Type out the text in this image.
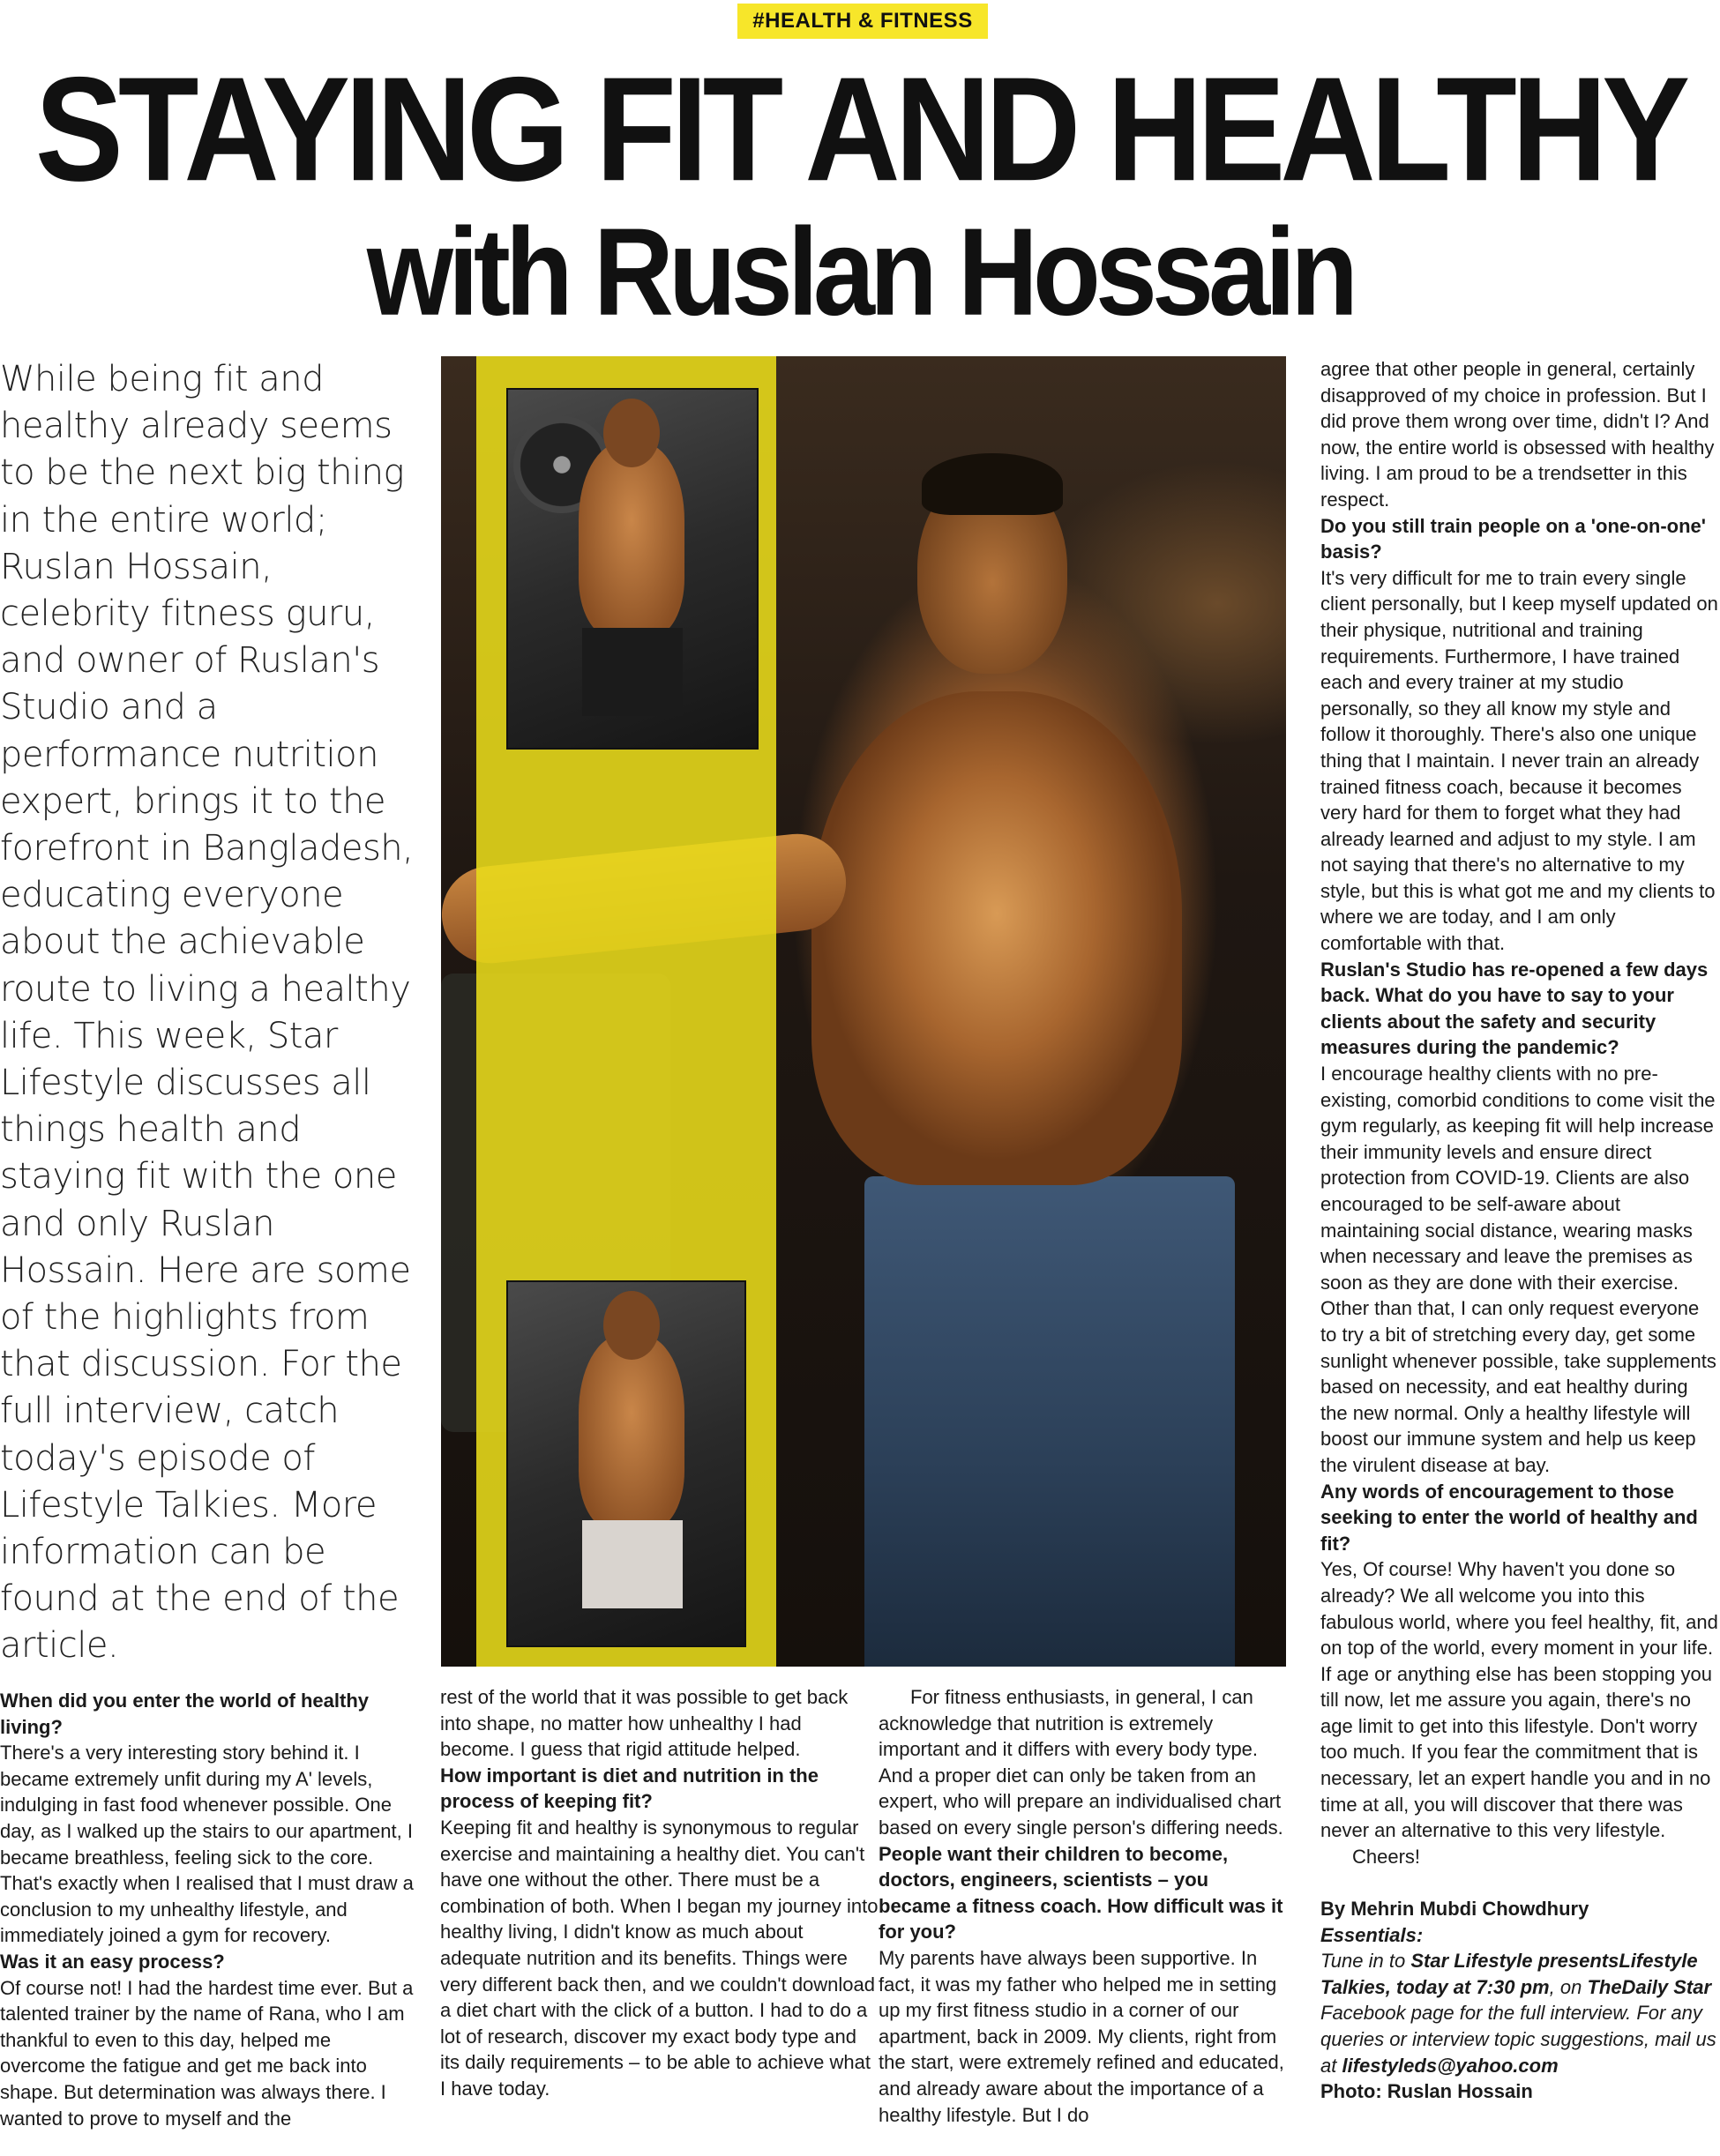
#HEALTH & FITNESS
STAYING FIT AND HEALTHY
with Ruslan Hossain
While being fit and healthy already seems to be the next big thing in the entire world; Ruslan Hossain, celebrity fitness guru, and owner of Ruslan's Studio and a performance nutrition expert, brings it to the forefront in Bangladesh, educating everyone about the achievable route to living a healthy life. This week, Star Lifestyle discusses all things health and staying fit with the one and only Ruslan Hossain. Here are some of the highlights from that discussion. For the full interview, catch today's episode of Lifestyle Talkies. More information can be found at the end of the article.

When did you enter the world of healthy living?

There's a very interesting story behind it. I became extremely unfit during my A' levels, indulging in fast food whenever possible. One day, as I walked up the stairs to our apartment, I became breathless, feeling sick to the core. That's exactly when I realised that I must draw a conclusion to my unhealthy lifestyle, and immediately joined a gym for recovery.

Was it an easy process?

Of course not! I had the hardest time ever. But a talented trainer by the name of Rana, who I am thankful to even to this day, helped me overcome the fatigue and get me back into shape. But determination was always there. I wanted to prove to myself and the

rest of the world that it was possible to get back into shape, no matter how unhealthy I had become. I guess that rigid attitude helped.

How important is diet and nutrition in the process of keeping fit?

Keeping fit and healthy is synonymous to regular exercise and maintaining a healthy diet. You can't have one without the other. There must be a combination of both. When I began my journey into healthy living, I didn't know as much about adequate nutrition and its benefits. Things were very different back then, and we couldn't download a diet chart with the click of a button. I had to do a lot of research, discover my exact body type and its daily requirements – to be able to achieve what I have today.

For fitness enthusiasts, in general, I can acknowledge that nutrition is extremely important and it differs with every body type. And a proper diet can only be taken from an expert, who will prepare an individualised chart based on every single person's differing needs.

People want their children to become, doctors, engineers, scientists – you became a fitness coach. How difficult was it for you?

My parents have always been supportive. In fact, it was my father who helped me in setting up my first fitness studio in a corner of our apartment, back in 2009. My clients, right from the start, were extremely refined and educated, and already aware about the importance of a healthy lifestyle. But I do

agree that other people in general, certainly disapproved of my choice in profession. But I did prove them wrong over time, didn't I? And now, the entire world is obsessed with healthy living. I am proud to be a trendsetter in this respect.

Do you still train people on a 'one-on-one' basis?

It's very difficult for me to train every single client personally, but I keep myself updated on their physique, nutritional and training requirements. Furthermore, I have trained each and every trainer at my studio personally, so they all know my style and follow it thoroughly. There's also one unique thing that I maintain. I never train an already trained fitness coach, because it becomes very hard for them to forget what they had already learned and adjust to my style. I am not saying that there's no alternative to my style, but this is what got me and my clients to where we are today, and I am only comfortable with that.

Ruslan's Studio has re-opened a few days back. What do you have to say to your clients about the safety and security measures during the pandemic?

I encourage healthy clients with no pre-existing, comorbid conditions to come visit the gym regularly, as keeping fit will help increase their immunity levels and ensure direct protection from COVID-19. Clients are also encouraged to be self-aware about maintaining social distance, wearing masks when necessary and leave the premises as soon as they are done with their exercise. Other than that, I can only request everyone to try a bit of stretching every day, get some sunlight whenever possible, take supplements based on necessity, and eat healthy during the new normal. Only a healthy lifestyle will boost our immune system and help us keep the virulent disease at bay.

Any words of encouragement to those seeking to enter the world of healthy and fit?

Yes, Of course! Why haven't you done so already? We all welcome you into this fabulous world, where you feel healthy, fit, and on top of the world, every moment in your life. If age or anything else has been stopping you till now, let me assure you again, there's no age limit to get into this lifestyle. Don't worry too much. If you fear the commitment that is necessary, let an expert handle you and in no time at all, you will discover that there was never an alternative to this very lifestyle.

Cheers!

By Mehrin Mubdi Chowdhury

Essentials:

Tune in to Star Lifestyle presentsLifestyle Talkies, today at 7:30 pm, on TheDaily Star Facebook page for the full interview. For any queries or interview topic suggestions, mail us at lifestyleds@yahoo.com

Photo: Ruslan Hossain
